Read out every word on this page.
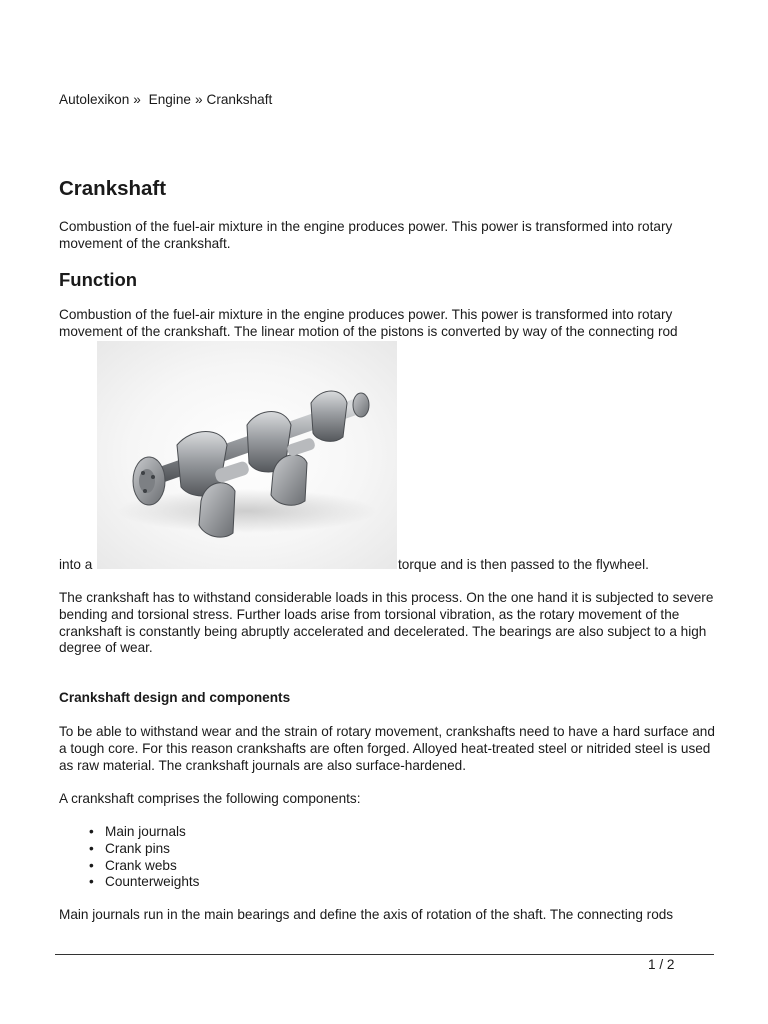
Autolexikon » Engine » Crankshaft
Crankshaft

Combustion of the fuel-air mixture in the engine produces power. This power is transformed into rotary movement of the crankshaft.

Function

Combustion of the fuel-air mixture in the engine produces power. This power is transformed into rotary movement of the crankshaft. The linear motion of the pistons is converted by way of the connecting rod

into a	torque and is then passed to the flywheel.

The crankshaft has to withstand considerable loads in this process. On the one hand it is subjected to severe bending and torsional stress. Further loads arise from torsional vibration, as the rotary movement of the crankshaft is constantly being abruptly accelerated and decelerated. The bearings are also subject to a high degree of wear.

Crankshaft design and components

To be able to withstand wear and the strain of rotary movement, crankshafts need to have a hard surface and a tough core. For this reason crankshafts are often forged. Alloyed heat-treated steel or nitrided steel is used as raw material. The crankshaft journals are also surface-hardened.

A crankshaft comprises the following components:

• Main journals
• Crank pins
• Crank webs
• Counterweights

Main journals run in the main bearings and define the axis of rotation of the shaft. The connecting rods

1 / 2
